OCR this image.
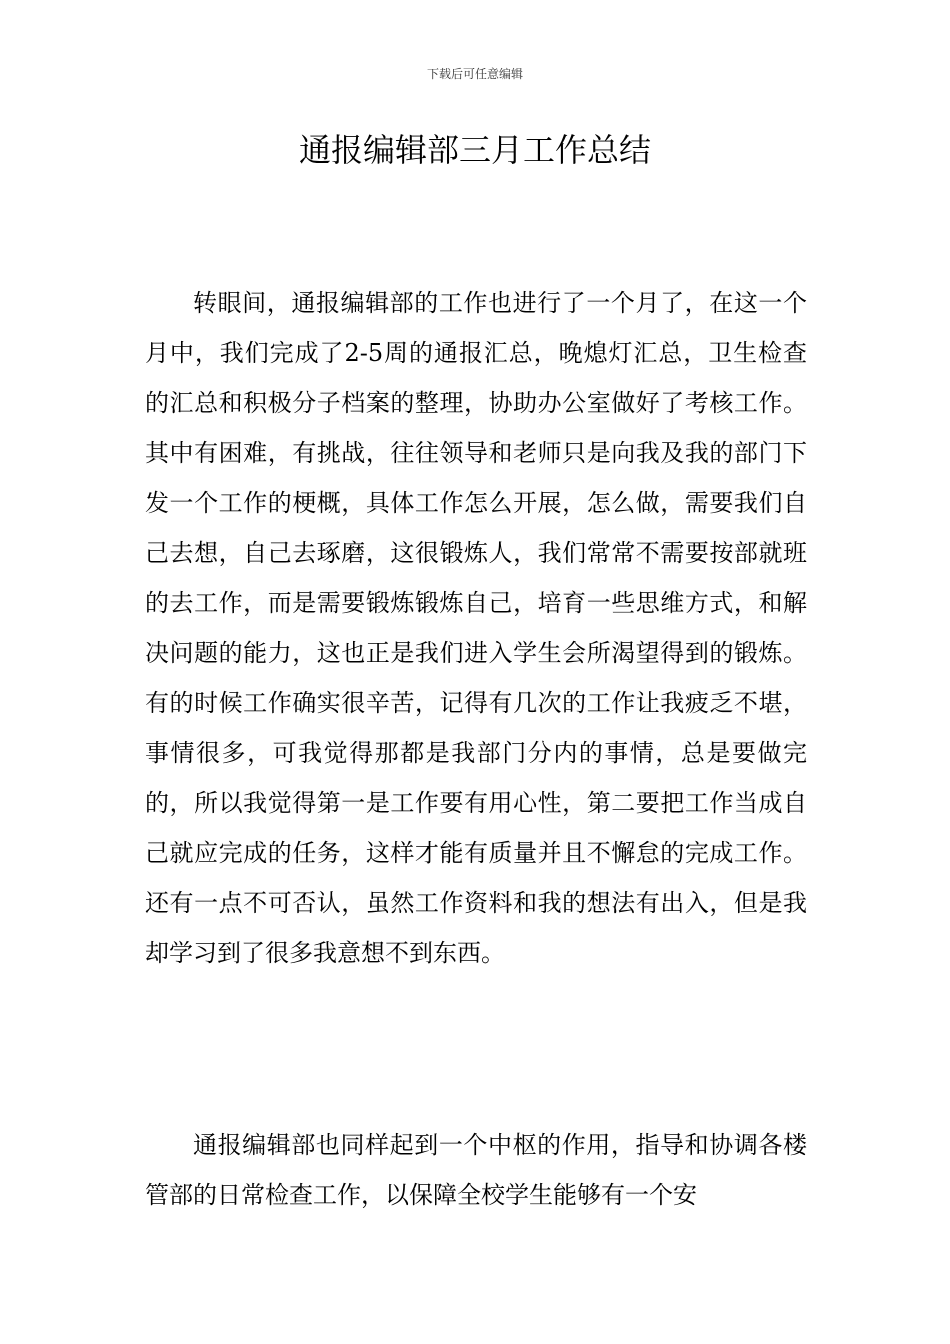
下载后可任意编辑
通报编辑部三月工作总结

转眼间，通报编辑部的工作也进行了一个月了，在这一个月中，我们完成了2-5周的通报汇总，晚熄灯汇总，卫生检查的汇总和积极分子档案的整理，协助办公室做好了考核工作。其中有困难，有挑战，往往领导和老师只是向我及我的部门下发一个工作的梗概，具体工作怎么开展，怎么做，需要我们自己去想，自己去琢磨，这很锻炼人，我们常常不需要按部就班的去工作，而是需要锻炼锻炼自己，培育一些思维方式，和解决问题的能力，这也正是我们进入学生会所渴望得到的锻炼。有的时候工作确实很辛苦，记得有几次的工作让我疲乏不堪，事情很多，可我觉得那都是我部门分内的事情，总是要做完的，所以我觉得第一是工作要有用心性，第二要把工作当成自己就应完成的任务，这样才能有质量并且不懈怠的完成工作。还有一点不可否认，虽然工作资料和我的想法有出入，但是我却学习到了很多我意想不到东西。

通报编辑部也同样起到一个中枢的作用，指导和协调各楼管部的日常检查工作，以保障全校学生能够有一个安
